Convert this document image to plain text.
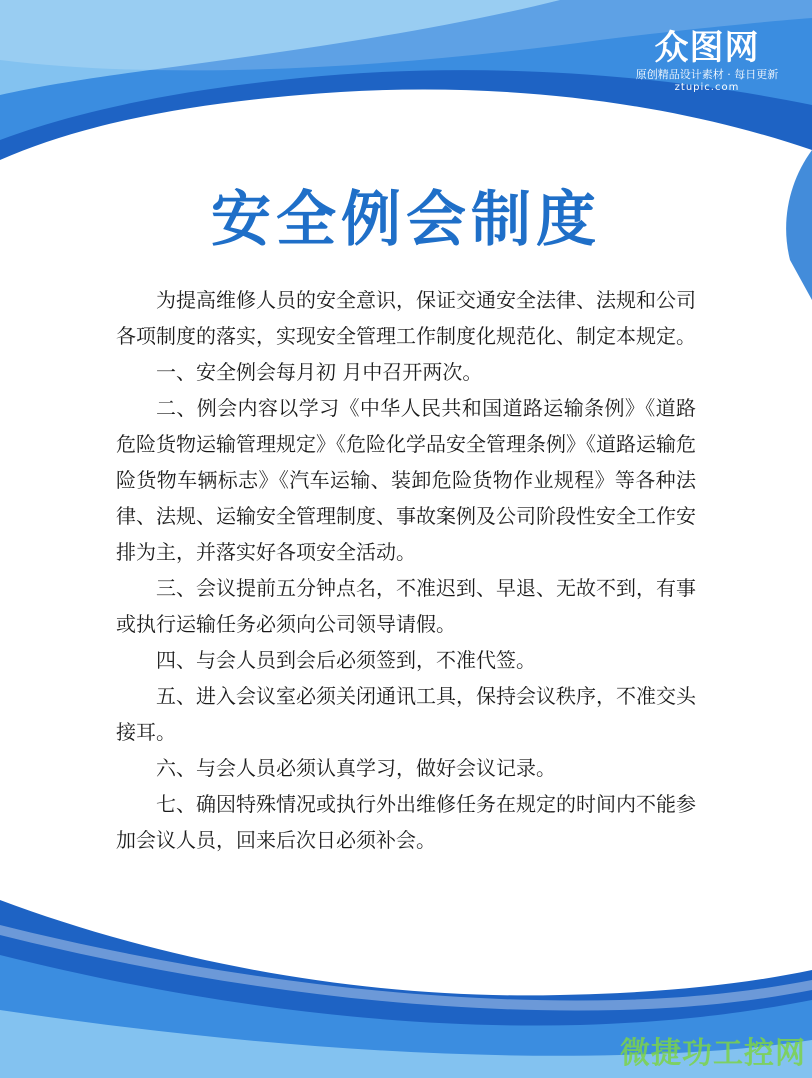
众图网
原创精品设计素材 · 每日更新
ztupic.com
安全例会制度

为提高维修人员的安全意识，保证交通安全法律、法规和公司各项制度的落实，实现安全管理工作制度化规范化、制定本规定。

一、安全例会每月初 月中召开两次。

二、例会内容以学习《中华人民共和国道路运输条例》《道路危险货物运输管理规定》《危险化学品安全管理条例》《道路运输危险货物车辆标志》《汽车运输、装卸危险货物作业规程》等各种法律、法规、运输安全管理制度、事故案例及公司阶段性安全工作安排为主，并落实好各项安全活动。

三、会议提前五分钟点名，不准迟到、早退、无故不到，有事或执行运输任务必须向公司领导请假。

四、与会人员到会后必须签到，不准代签。

五、进入会议室必须关闭通讯工具，保持会议秩序，不准交头接耳。

六、与会人员必须认真学习，做好会议记录。

七、确因特殊情况或执行外出维修任务在规定的时间内不能参加会议人员，回来后次日必须补会。

微捷功工控网
